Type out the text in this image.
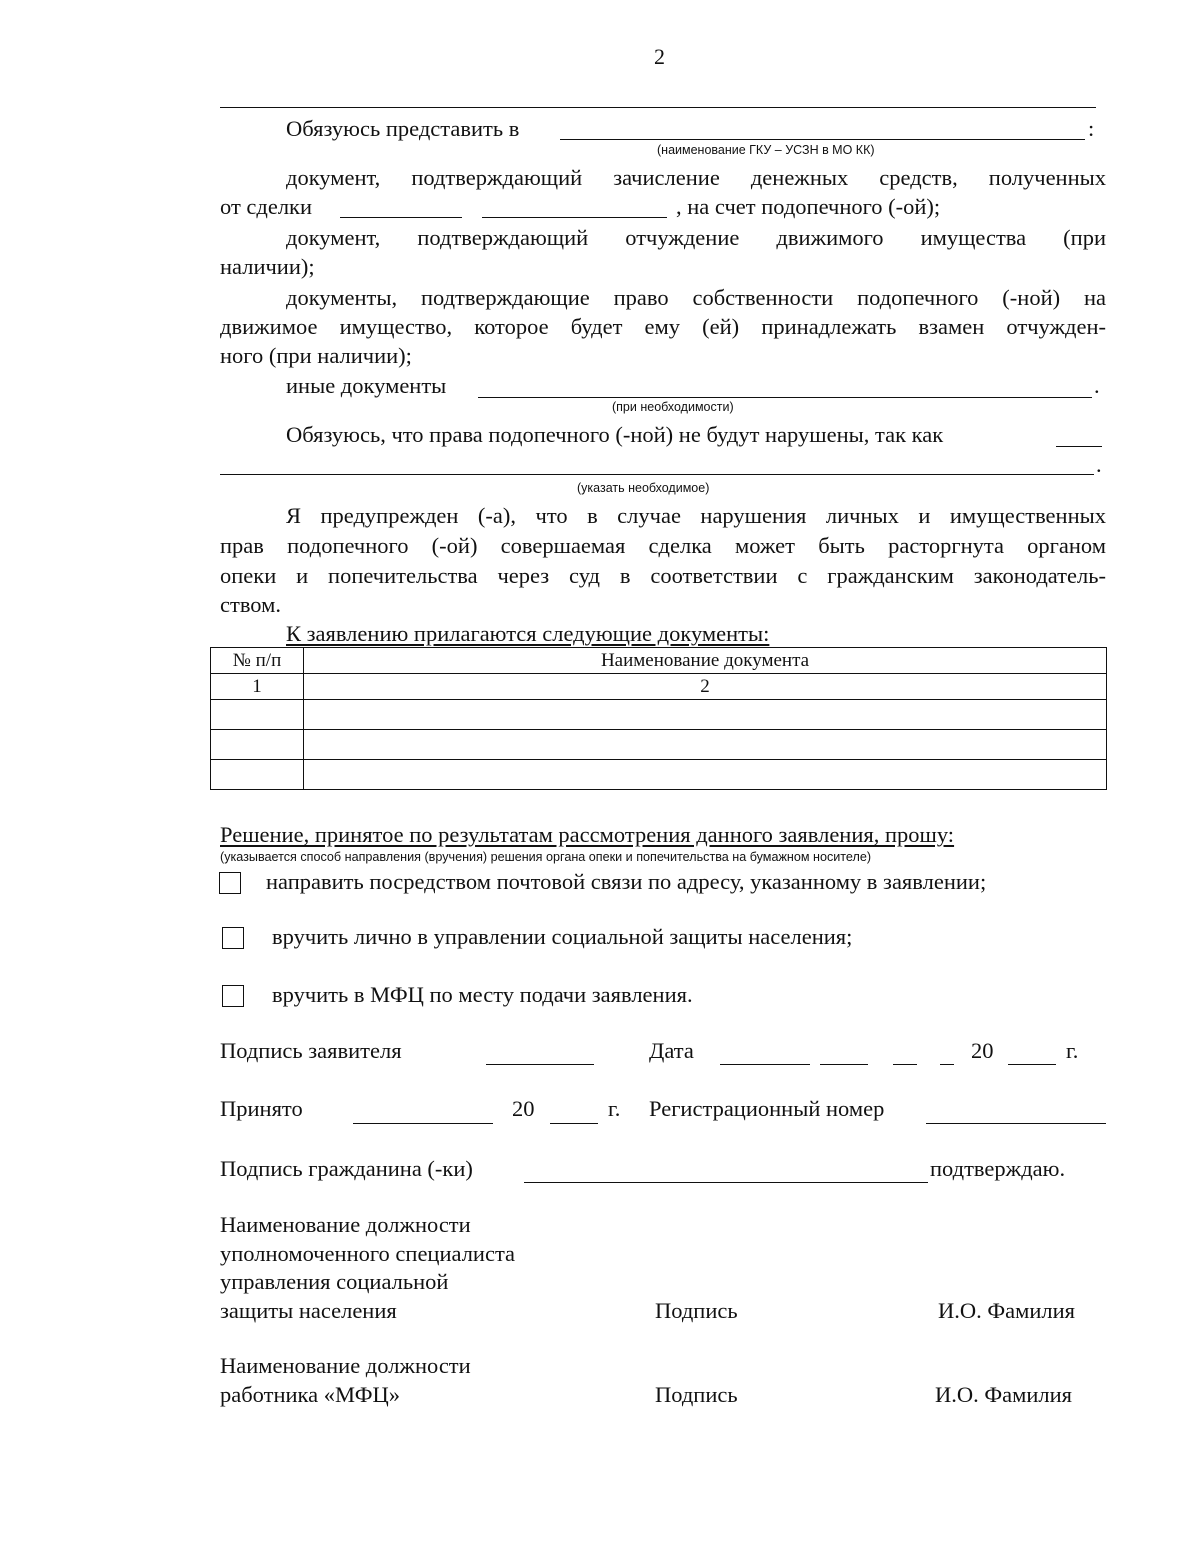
2
Обязуюсь представить в	:
(наименование ГКУ – УСЗН в МО КК)
документ, подтверждающий зачисление денежных средств, полученных
от сделки	, на счет подопечного (-ой);
документ, подтверждающий отчуждение движимого имущества (при
наличии);
документы, подтверждающие право собственности подопечного (-ной) на
движимое имущество, которое будет ему (ей) принадлежать взамен отчужден-
ного (при наличии);
иные документы	.
(при необходимости)
Обязуюсь, что права подопечного (-ной) не будут нарушены, так как
.
(указать необходимое)
Я предупрежден (-а), что в случае нарушения личных и имущественных
прав подопечного (-ой) совершаемая сделка может быть расторгнута органом
опеки и попечительства через суд в соответствии с гражданским законодатель-
ством.
К заявлению прилагаются следующие документы:
№ п/п	Наименование документа
1	2

Решение, принятое по результатам рассмотрения данного заявления, прошу:
(указывается способ направления (вручения) решения органа опеки и попечительства на бумажном носителе)
направить посредством почтовой связи по адресу, указанному в заявлении;
вручить лично в управлении социальной защиты населения;
вручить в МФЦ по месту подачи заявления.
Подпись заявителя	Дата	20	г.
Принято	20	г. Регистрационный номер
Подпись гражданина (-ки)	подтверждаю.
Наименование должности
уполномоченного специалиста
управления социальной
защиты населения	Подпись	И.О. Фамилия
Наименование должности
работника «МФЦ»	Подпись	И.О. Фамилия
